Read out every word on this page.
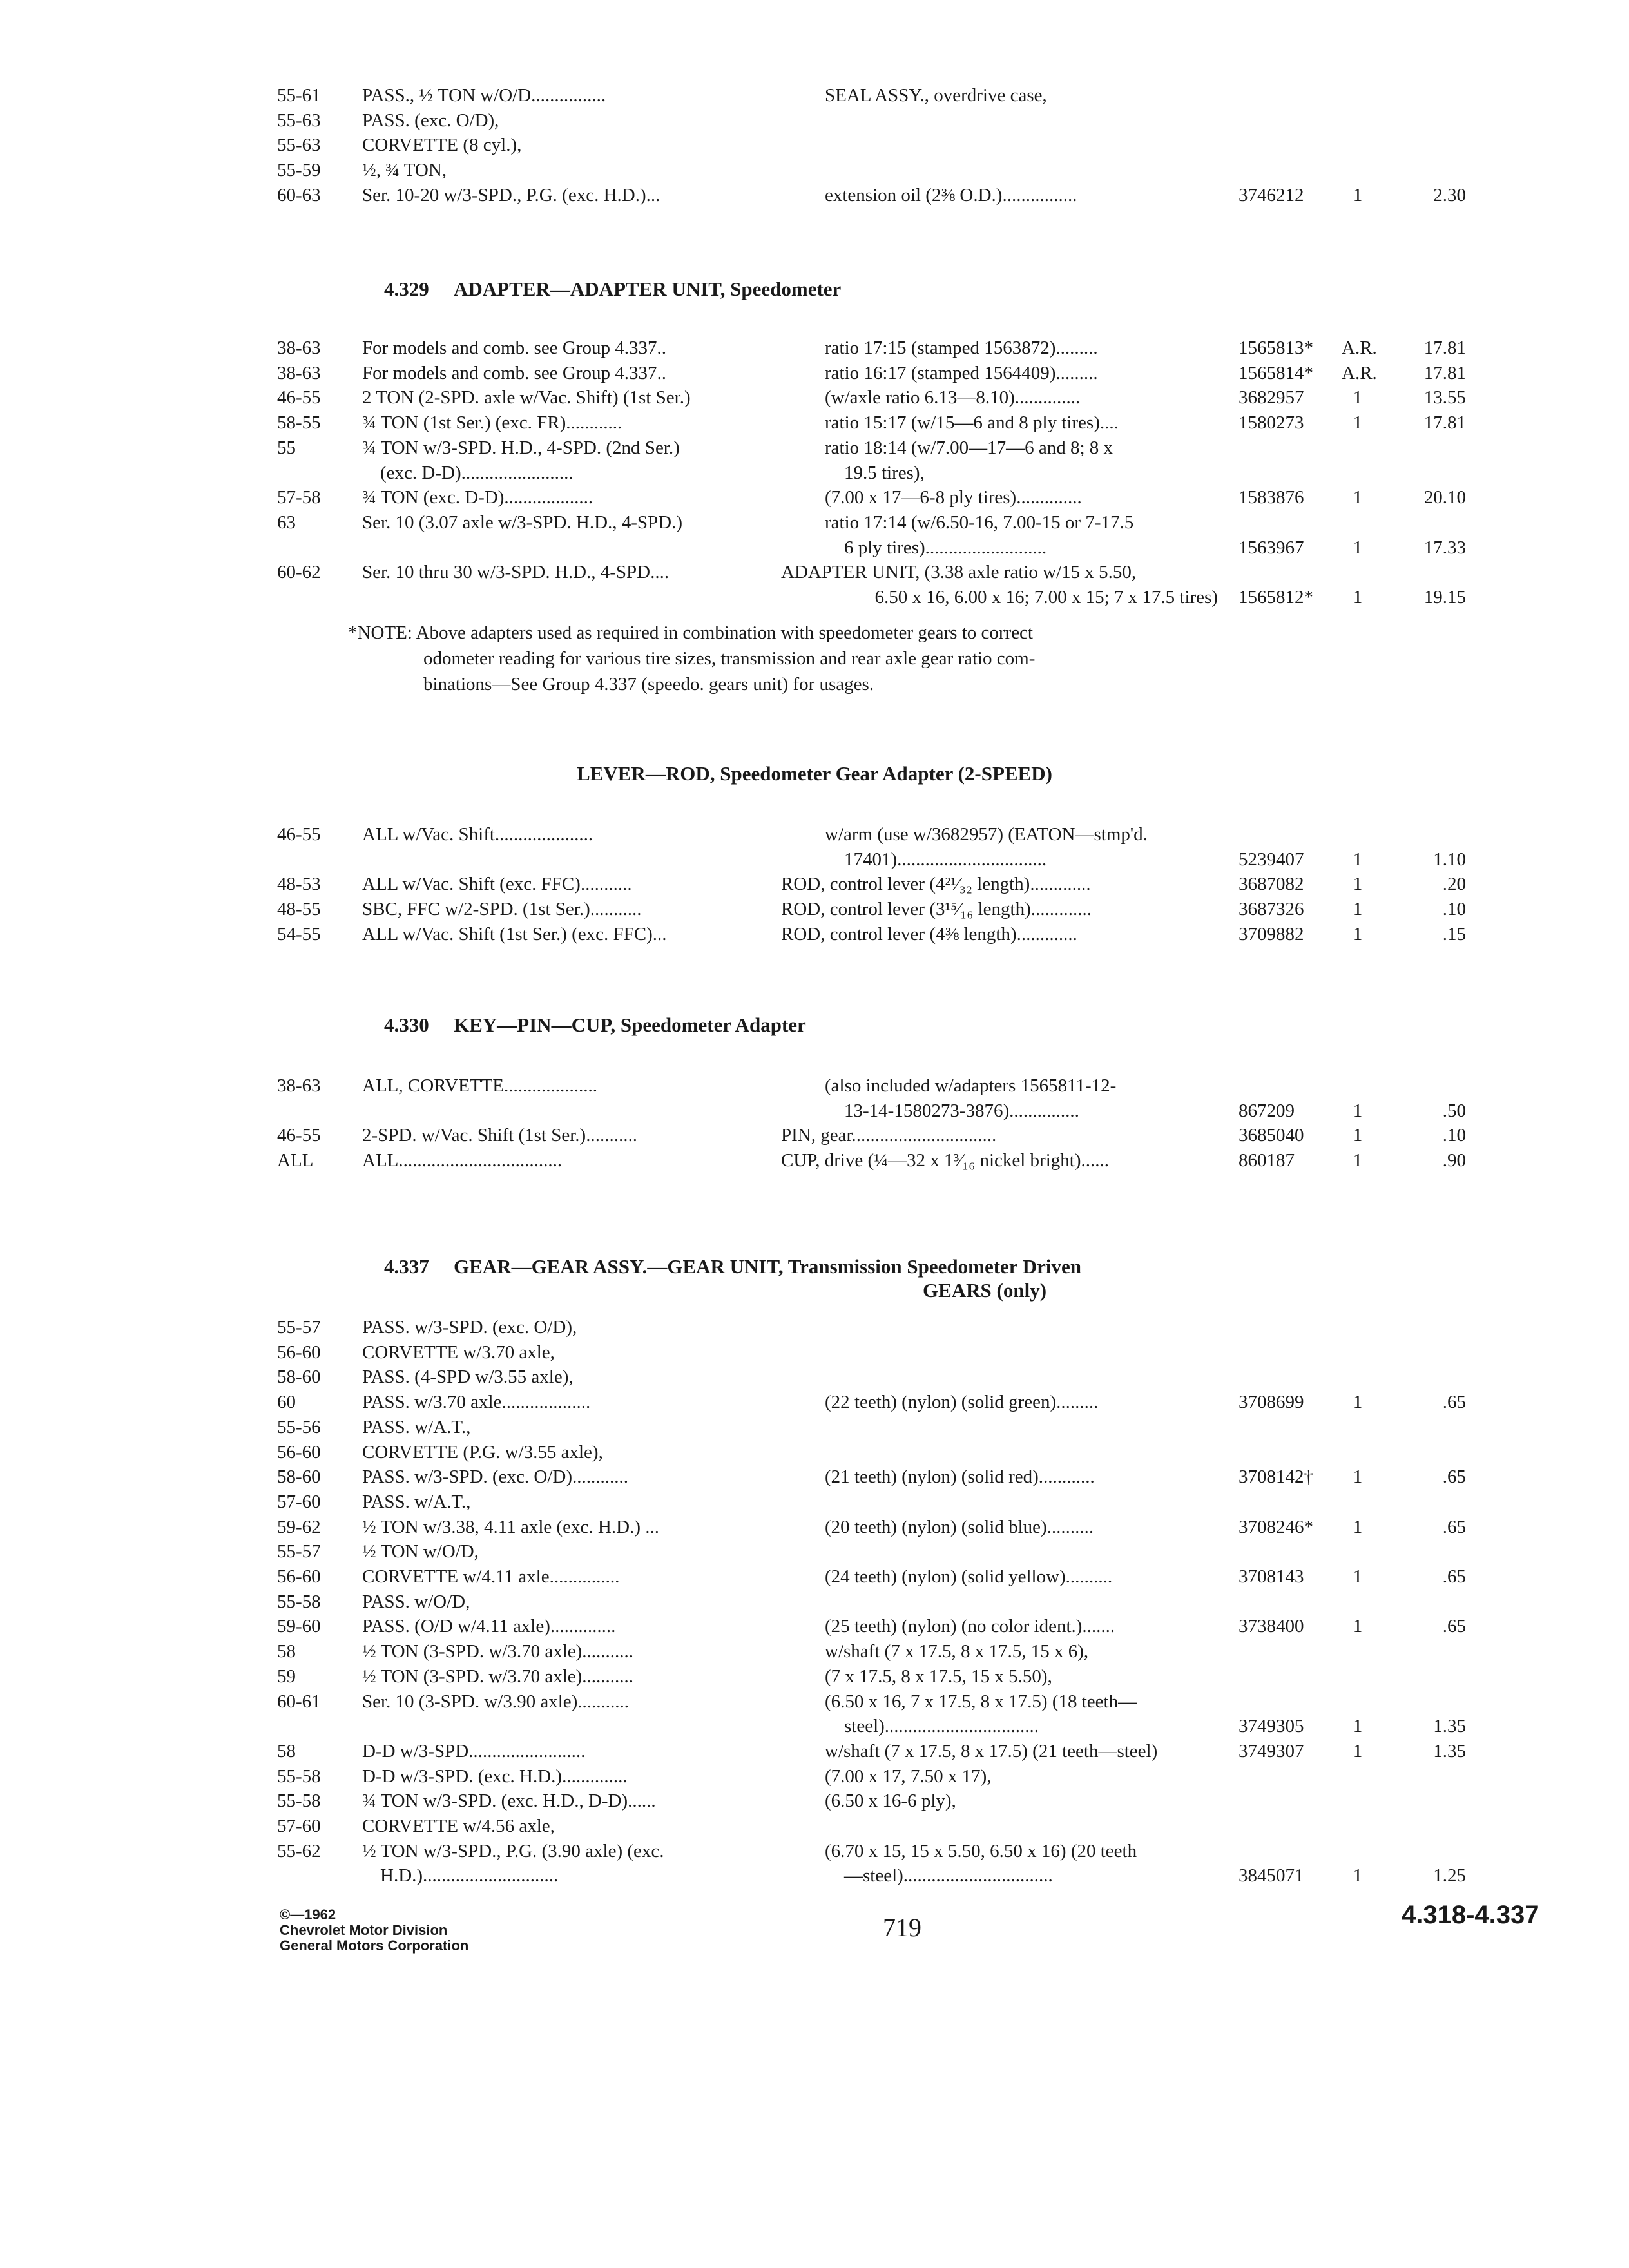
55-61 PASS., ½ TON w/O/D................	SEAL ASSY., overdrive case,
55-63 PASS. (exc. O/D),
55-63 CORVETTE (8 cyl.),
55-59 ½, ¾ TON,
60-63 Ser. 10-20 w/3-SPD., P.G. (exc. H.D.)...	extension oil (2⅜ O.D.)................	3746212	1	2.30
4.329 ADAPTER—ADAPTER UNIT, Speedometer
38-63 For models and comb. see Group 4.337..	ratio 17:15 (stamped 1563872).........	1565813* A.R.	17.81
38-63 For models and comb. see Group 4.337..	ratio 16:17 (stamped 1564409).........	1565814* A.R.	17.81
46-55 2 TON (2-SPD. axle w/Vac. Shift) (1st Ser.)	(w/axle ratio 6.13—8.10)..............	3682957	1	13.55
58-55 ¾ TON (1st Ser.) (exc. FR)............	ratio 15:17 (w/15—6 and 8 ply tires)....	1580273	1	17.81
55	¾ TON w/3-SPD. H.D., 4-SPD. (2nd Ser.)	ratio 18:14 (w/7.00—17—6 and 8; 8 x
(exc. D-D)........................	19.5 tires),
57-58 ¾ TON (exc. D-D)...................	(7.00 x 17—6-8 ply tires)..............	1583876	1	20.10
63	Ser. 10 (3.07 axle w/3-SPD. H.D., 4-SPD.)	ratio 17:14 (w/6.50-16, 7.00-15 or 7-17.5
6 ply tires)..........................	1563967	1	17.33
60-62 Ser. 10 thru 30 w/3-SPD. H.D., 4-SPD....	ADAPTER UNIT, (3.38 axle ratio w/15 x 5.50,
6.50 x 16, 6.00 x 16; 7.00 x 15; 7 x 17.5 tires) 1565812*	1	19.15
*NOTE: Above adapters used as required in combination with speedometer gears to correct
odometer reading for various tire sizes, transmission and rear axle gear ratio com-
binations—See Group 4.337 (speedo. gears unit) for usages.
LEVER—ROD, Speedometer Gear Adapter (2-SPEED)
46-55 ALL w/Vac. Shift.....................	w/arm (use w/3682957) (EATON—stmp'd.
17401)................................	5239407	1	1.10
48-53 ALL w/Vac. Shift (exc. FFC)...........	ROD, control lever (4²¹⁄₃₂ length).............	3687082	1	.20
48-55 SBC, FFC w/2-SPD. (1st Ser.)...........	ROD, control lever (3¹⁵⁄₁₆ length).............	3687326	1	.10
54-55 ALL w/Vac. Shift (1st Ser.) (exc. FFC)...	ROD, control lever (4⅜ length).............	3709882	1	.15
4.330 KEY—PIN—CUP, Speedometer Adapter
38-63 ALL, CORVETTE....................	(also included w/adapters 1565811-12-
13-14-1580273-3876)...............	867209	1	.50
46-55 2-SPD. w/Vac. Shift (1st Ser.)...........	PIN, gear...............................	3685040	1	.10
ALL	ALL...................................	CUP, drive (¼—32 x 1³⁄₁₆ nickel bright)......	860187	1	.90
4.337 GEAR—GEAR ASSY.—GEAR UNIT, Transmission Speedometer Driven
GEARS (only)
55-57 PASS. w/3-SPD. (exc. O/D),
56-60 CORVETTE w/3.70 axle,
58-60 PASS. (4-SPD w/3.55 axle),
60	PASS. w/3.70 axle...................	(22 teeth) (nylon) (solid green).........	3708699	1	.65
55-56 PASS. w/A.T.,
56-60 CORVETTE (P.G. w/3.55 axle),
58-60 PASS. w/3-SPD. (exc. O/D)............	(21 teeth) (nylon) (solid red)............	3708142†	1	.65
57-60 PASS. w/A.T.,
59-62 ½ TON w/3.38, 4.11 axle (exc. H.D.) ...	(20 teeth) (nylon) (solid blue)..........	3708246*	1	.65
55-57 ½ TON w/O/D,
56-60 CORVETTE w/4.11 axle...............	(24 teeth) (nylon) (solid yellow)..........	3708143	1	.65
55-58 PASS. w/O/D,
59-60 PASS. (O/D w/4.11 axle)..............	(25 teeth) (nylon) (no color ident.).......	3738400	1	.65
58	½ TON (3-SPD. w/3.70 axle)...........	w/shaft (7 x 17.5, 8 x 17.5, 15 x 6),
59	½ TON (3-SPD. w/3.70 axle)...........	(7 x 17.5, 8 x 17.5, 15 x 5.50),
60-61 Ser. 10 (3-SPD. w/3.90 axle)...........	(6.50 x 16, 7 x 17.5, 8 x 17.5) (18 teeth—
steel).................................	3749305	1	1.35
58	D-D w/3-SPD.........................	w/shaft (7 x 17.5, 8 x 17.5) (21 teeth—steel)	3749307	1	1.35
55-58 D-D w/3-SPD. (exc. H.D.)..............	(7.00 x 17, 7.50 x 17),
55-58 ¾ TON w/3-SPD. (exc. H.D., D-D)......	(6.50 x 16-6 ply),
57-60 CORVETTE w/4.56 axle,
55-62 ½ TON w/3-SPD., P.G. (3.90 axle) (exc.	(6.70 x 15, 15 x 5.50, 6.50 x 16) (20 teeth
H.D.).............................	—steel)................................	3845071	1	1.25
©—1962
Chevrolet Motor Division
General Motors Corporation
719	4.318-4.337
